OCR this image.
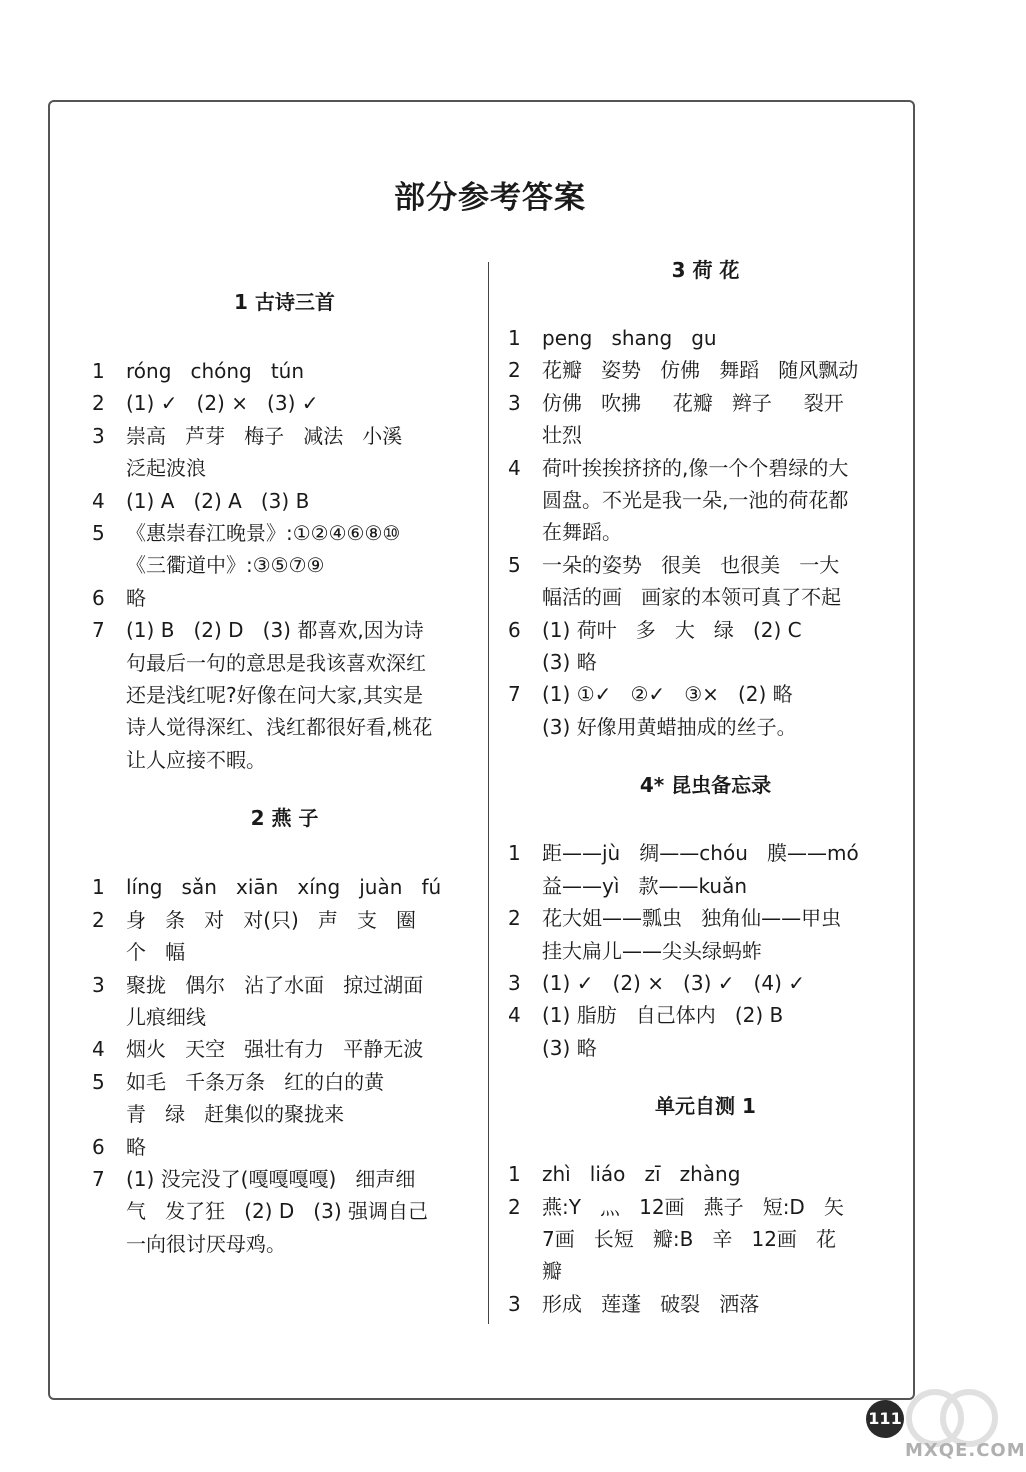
部分参考答案
1 古诗三首
1	róng   chóng   tún
2	(1) ✓   (2) ×   (3) ✓
3	崇高   芦芽   梅子   减法   小溪
泛起波浪
4	(1) A   (2) A   (3) B
5	《惠崇春江晚景》:①②④⑥⑧⑩
《三衢道中》:③⑤⑦⑨
6	略
7	(1) B   (2) D   (3) 都喜欢,因为诗
句最后一句的意思是我该喜欢深红
还是浅红呢?好像在问大家,其实是
诗人觉得深红、浅红都很好看,桃花
让人应接不暇。
2 燕 子
1	líng   sǎn   xiān   xíng   juàn   fú
2	身   条   对   对(只)   声   支   圈
个   幅
3	聚拢   偶尔   沾了水面   掠过湖面
儿痕细线
4	烟火   天空   强壮有力   平静无波
5	如毛   千条万条   红的白的黄
青   绿   赶集似的聚拢来
6	略
7	(1) 没完没了(嘎嘎嘎嘎)   细声细
气   发了狂   (2) D   (3) 强调自己
一向很讨厌母鸡。
3 荷 花
1	peng   shang   gu
2	花瓣   姿势   仿佛   舞蹈   随风飘动
3	仿佛   吹拂     花瓣   辫子     裂开
壮烈
4	荷叶挨挨挤挤的,像一个个碧绿的大
圆盘。不光是我一朵,一池的荷花都
在舞蹈。
5	一朵的姿势   很美   也很美   一大
幅活的画   画家的本领可真了不起
6	(1) 荷叶   多   大   绿   (2) C
(3) 略
7	(1) ①✓   ②✓   ③×   (2) 略
(3) 好像用黄蜡抽成的丝子。
4* 昆虫备忘录
1	距——jù   绸——chóu   膜——mó
益——yì   款——kuǎn
2	花大姐——瓢虫   独角仙——甲虫
挂大扁儿——尖头绿蚂蚱
3	(1) ✓   (2) ×   (3) ✓   (4) ✓
4	(1) 脂肪   自己体内   (2) B
(3) 略
单元自测 1
1	zhì   liáo   zī   zhàng
2	燕:Y   灬   12画   燕子   短:D   矢
7画   长短   瓣:B   辛   12画   花
瓣
3	形成   莲蓬   破裂   洒落
111
MXQE.COM
